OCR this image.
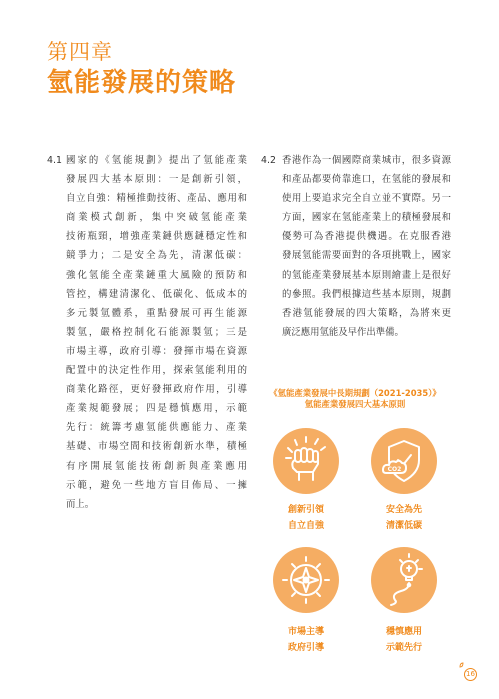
第四章
氫能發展的策略
4.1 國家的《氫能規劃》提出了氫能產業
發展四大基本原則：一是創新引領，
自立自強：精極推動技術、產品、應用和
商業模式創新，集中突破氫能產業
技術瓶頸，增強產業鏈供應鏈穩定性和
競爭力；二是安全為先，清潔低碳：
強化氫能全產業鏈重大風險的預防和
管控，構建清潔化、低碳化、低成本的
多元製氫體系，重點發展可再生能源
製氫，嚴格控制化石能源製氫；三是
市場主導，政府引導：發揮市場在資源
配置中的決定性作用，探索氫能利用的
商業化路徑，更好發揮政府作用，引導
產業規範發展；四是穩慎應用，示範
先行：統籌考慮氫能供應能力、產業
基礎、市場空間和技術創新水準，積極
有序開展氫能技術創新與產業應用
示範，避免一些地方盲目佈局、一擁
而上。
4.2 香港作為一個國際商業城市，很多資源
和產品都要倚靠進口，在氫能的發展和
使用上要追求完全自立並不實際。另一
方面，國家在氫能產業上的積極發展和
優勢可為香港提供機遇。在克服香港
發展氫能需要面對的各項挑戰上，國家
的氫能產業發展基本原則繪畫上是很好
的參照。我們根據這些基本原則，規劃
香港氫能發展的四大策略，為將來更
廣泛應用氫能及早作出準備。
《氫能產業發展中長期規劃（2021-2035）》
氫能產業發展四大基本原則
CO2
創新引領
自立自強
安全為先
清潔低碳
市場主導
政府引導
穩慎應用
示範先行
16
